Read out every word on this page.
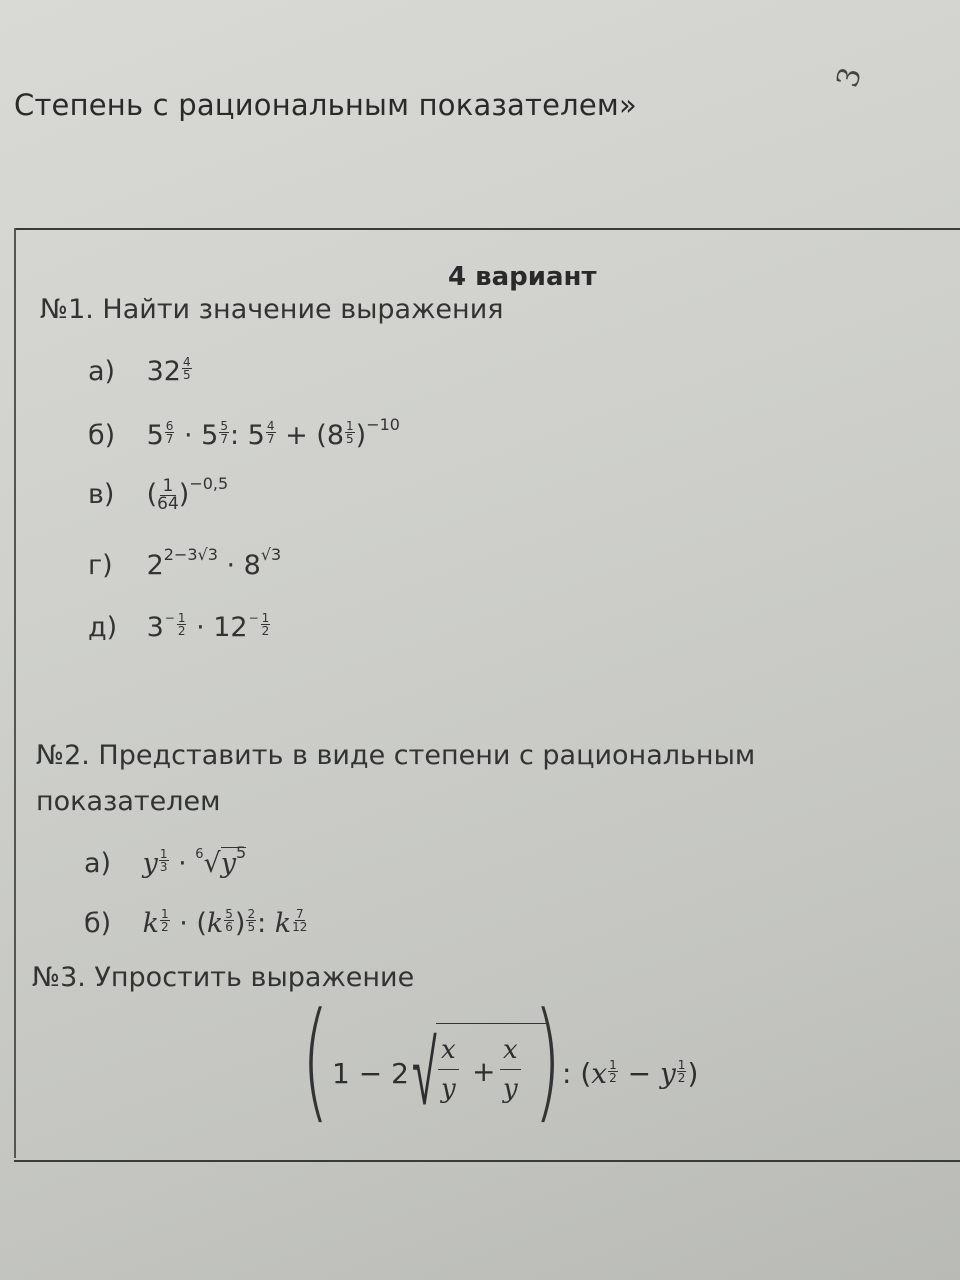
3
Степень с рациональным показателем»
4 вариант
№1. Найти значение выражения
а) $32 \frac{4}{5}$
б) $5 \frac{6}{7} \cdot 5 \frac{5}{7}$ : $5 \frac{4}{7} + (8 \frac{1}{5} )^{-10}$
в) ( $\frac{1}{64} )^{-0,5}$
г) $2^{2-3√3} \cdot 8^{√3}$
д) $3 - \frac{1}{2} \cdot 12 - \frac{1}{2}$
№2. Представить в виде степени с рациональным
показателем
а) y $\frac{1}{3} \cdot ^6√y^5$
б) k $\frac{1}{2} \cdot (k \frac{5}{6}$ ) $\frac{2}{5}$ : k $\frac{7}{12}$
№3. Упростить выражение
( 1 − 2 √ $\frac{x}{y} + \frac{x}{y}$ ) : ($x \frac{1}{2} - y \frac{1}{2}$ )
